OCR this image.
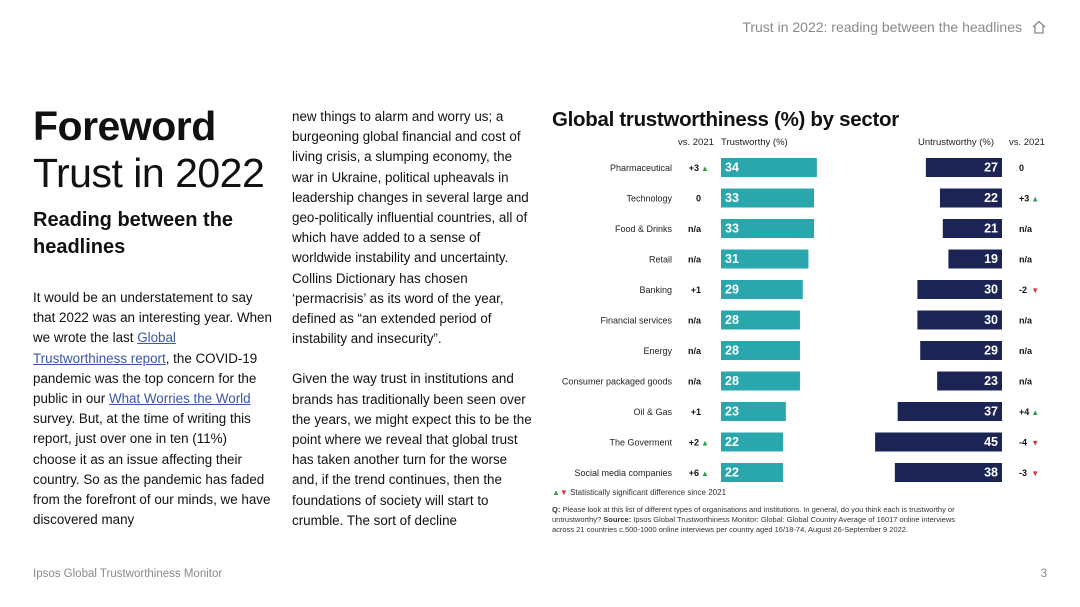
Trust in 2022: reading between the headlines
Foreword
Trust in 2022
Reading between the headlines
It would be an understatement to say that 2022 was an interesting year. When we wrote the last Global Trustworthiness report, the COVID-19 pandemic was the top concern for the public in our What Worries the World survey. But, at the time of writing this report, just over one in ten (11%) choose it as an issue affecting their country. So as the pandemic has faded from the forefront of our minds, we have discovered many
new things to alarm and worry us; a burgeoning global financial and cost of living crisis, a slumping economy, the war in Ukraine, political upheavals in leadership changes in several large and geo-politically influential countries, all of which have added to a sense of worldwide instability and uncertainty. Collins Dictionary has chosen ‘permacrisis’ as its word of the year, defined as “an extended period of instability and insecurity”.
Given the way trust in institutions and brands has traditionally been seen over the years, we might expect this to be the point where we reveal that global trust has taken another turn for the worse and, if the trend continues, then the foundations of society will start to crumble. The sort of decline
Global trustworthiness (%) by sector
vs. 2021 Trustworthy (%)	Untrustworthy (%) vs. 2021
Pharmaceutical +3 ▲ 34	27 0
Technology	0 33	22 +3 ▲
Food & Drinks n/a 33	21 n/a
Retail n/a 31	19 n/a
Banking +1 29	30 -2 ▼
Financial services n/a 28	30 n/a
Energy n/a 28	29 n/a
Consumer packaged goods n/a 28	23 n/a
Oil & Gas +1 23	37 +4 ▲
The Goverment +2 ▲ 22	45 -4 ▼
Social media companies +6 ▲ 22	38 -3 ▼
▲▼ Statistically significant difference since 2021
Q: Please look at this list of different types of organisations and institutions. In general, do you think each is trustworthy or untrustworthy? Source: Ipsos Global Trustworthiness Monitor: Global: Global Country Average of 16017 online interviews across 21 countries c.500-1000 online interviews per country aged 16/18-74, August 26-September 9 2022.
Ipsos Global Trustworthiness Monitor	3
